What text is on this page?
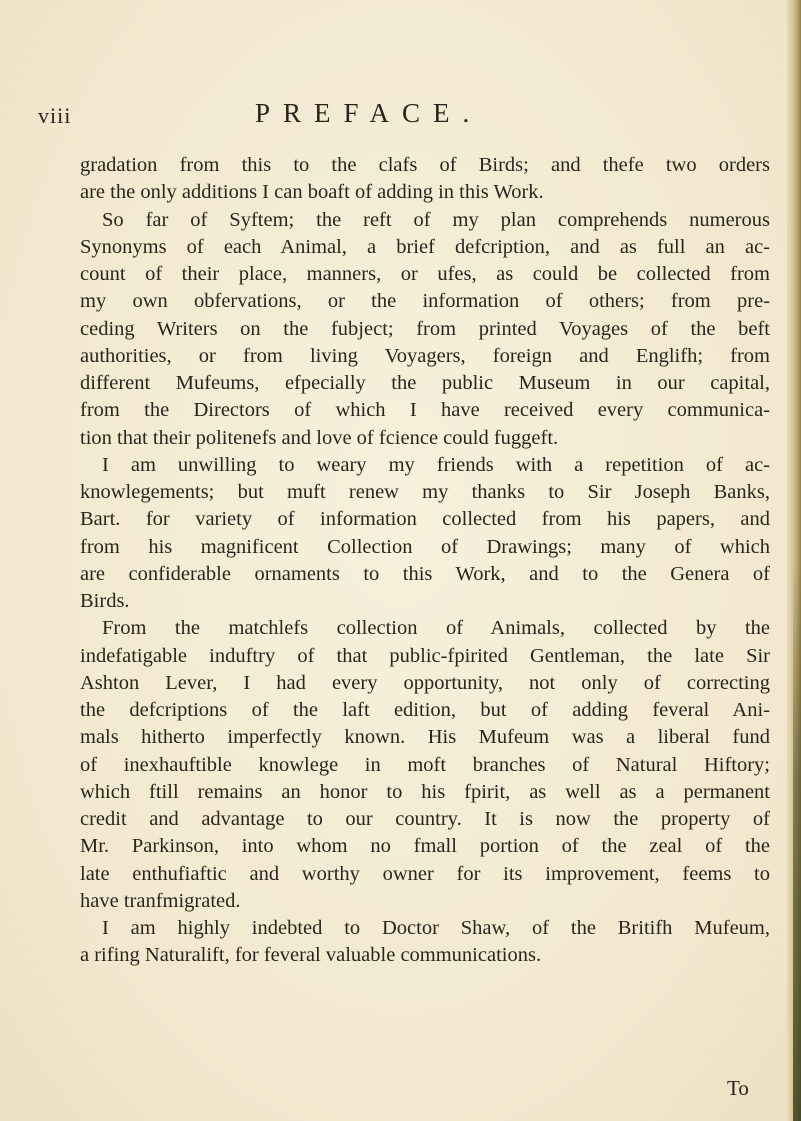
viii	PREFACE.
gradation from this to the clafs of Birds; and thefe two orders
are the only additions I can boaft of adding in this Work.
So far of Syftem; the reft of my plan comprehends numerous
Synonyms of each Animal, a brief defcription, and as full an ac-
count of their place, manners, or ufes, as could be collected from
my own obfervations, or the information of others; from pre-
ceding Writers on the fubject; from printed Voyages of the beft
authorities, or from living Voyagers, foreign and Englifh; from
different Mufeums, efpecially the public Museum in our capital,
from the Directors of which I have received every communica-
tion that their politenefs and love of fcience could fuggeft.
I am unwilling to weary my friends with a repetition of ac-
knowlegements; but muft renew my thanks to Sir Joseph Banks,
Bart. for variety of information collected from his papers, and
from his magnificent Collection of Drawings; many of which
are confiderable ornaments to this Work, and to the Genera of
Birds.
From the matchlefs collection of Animals, collected by the
indefatigable induftry of that public-fpirited Gentleman, the late Sir
Ashton Lever, I had every opportunity, not only of correcting
the defcriptions of the laft edition, but of adding feveral Ani-
mals hitherto imperfectly known. His Mufeum was a liberal fund
of inexhauftible knowlege in moft branches of Natural Hiftory;
which ftill remains an honor to his fpirit, as well as a permanent
credit and advantage to our country. It is now the property of
Mr. Parkinson, into whom no fmall portion of the zeal of the
late enthufiaftic and worthy owner for its improvement, feems to
have tranfmigrated.
I am highly indebted to Doctor Shaw, of the Britifh Mufeum,
a rifing Naturalift, for feveral valuable communications.
To
